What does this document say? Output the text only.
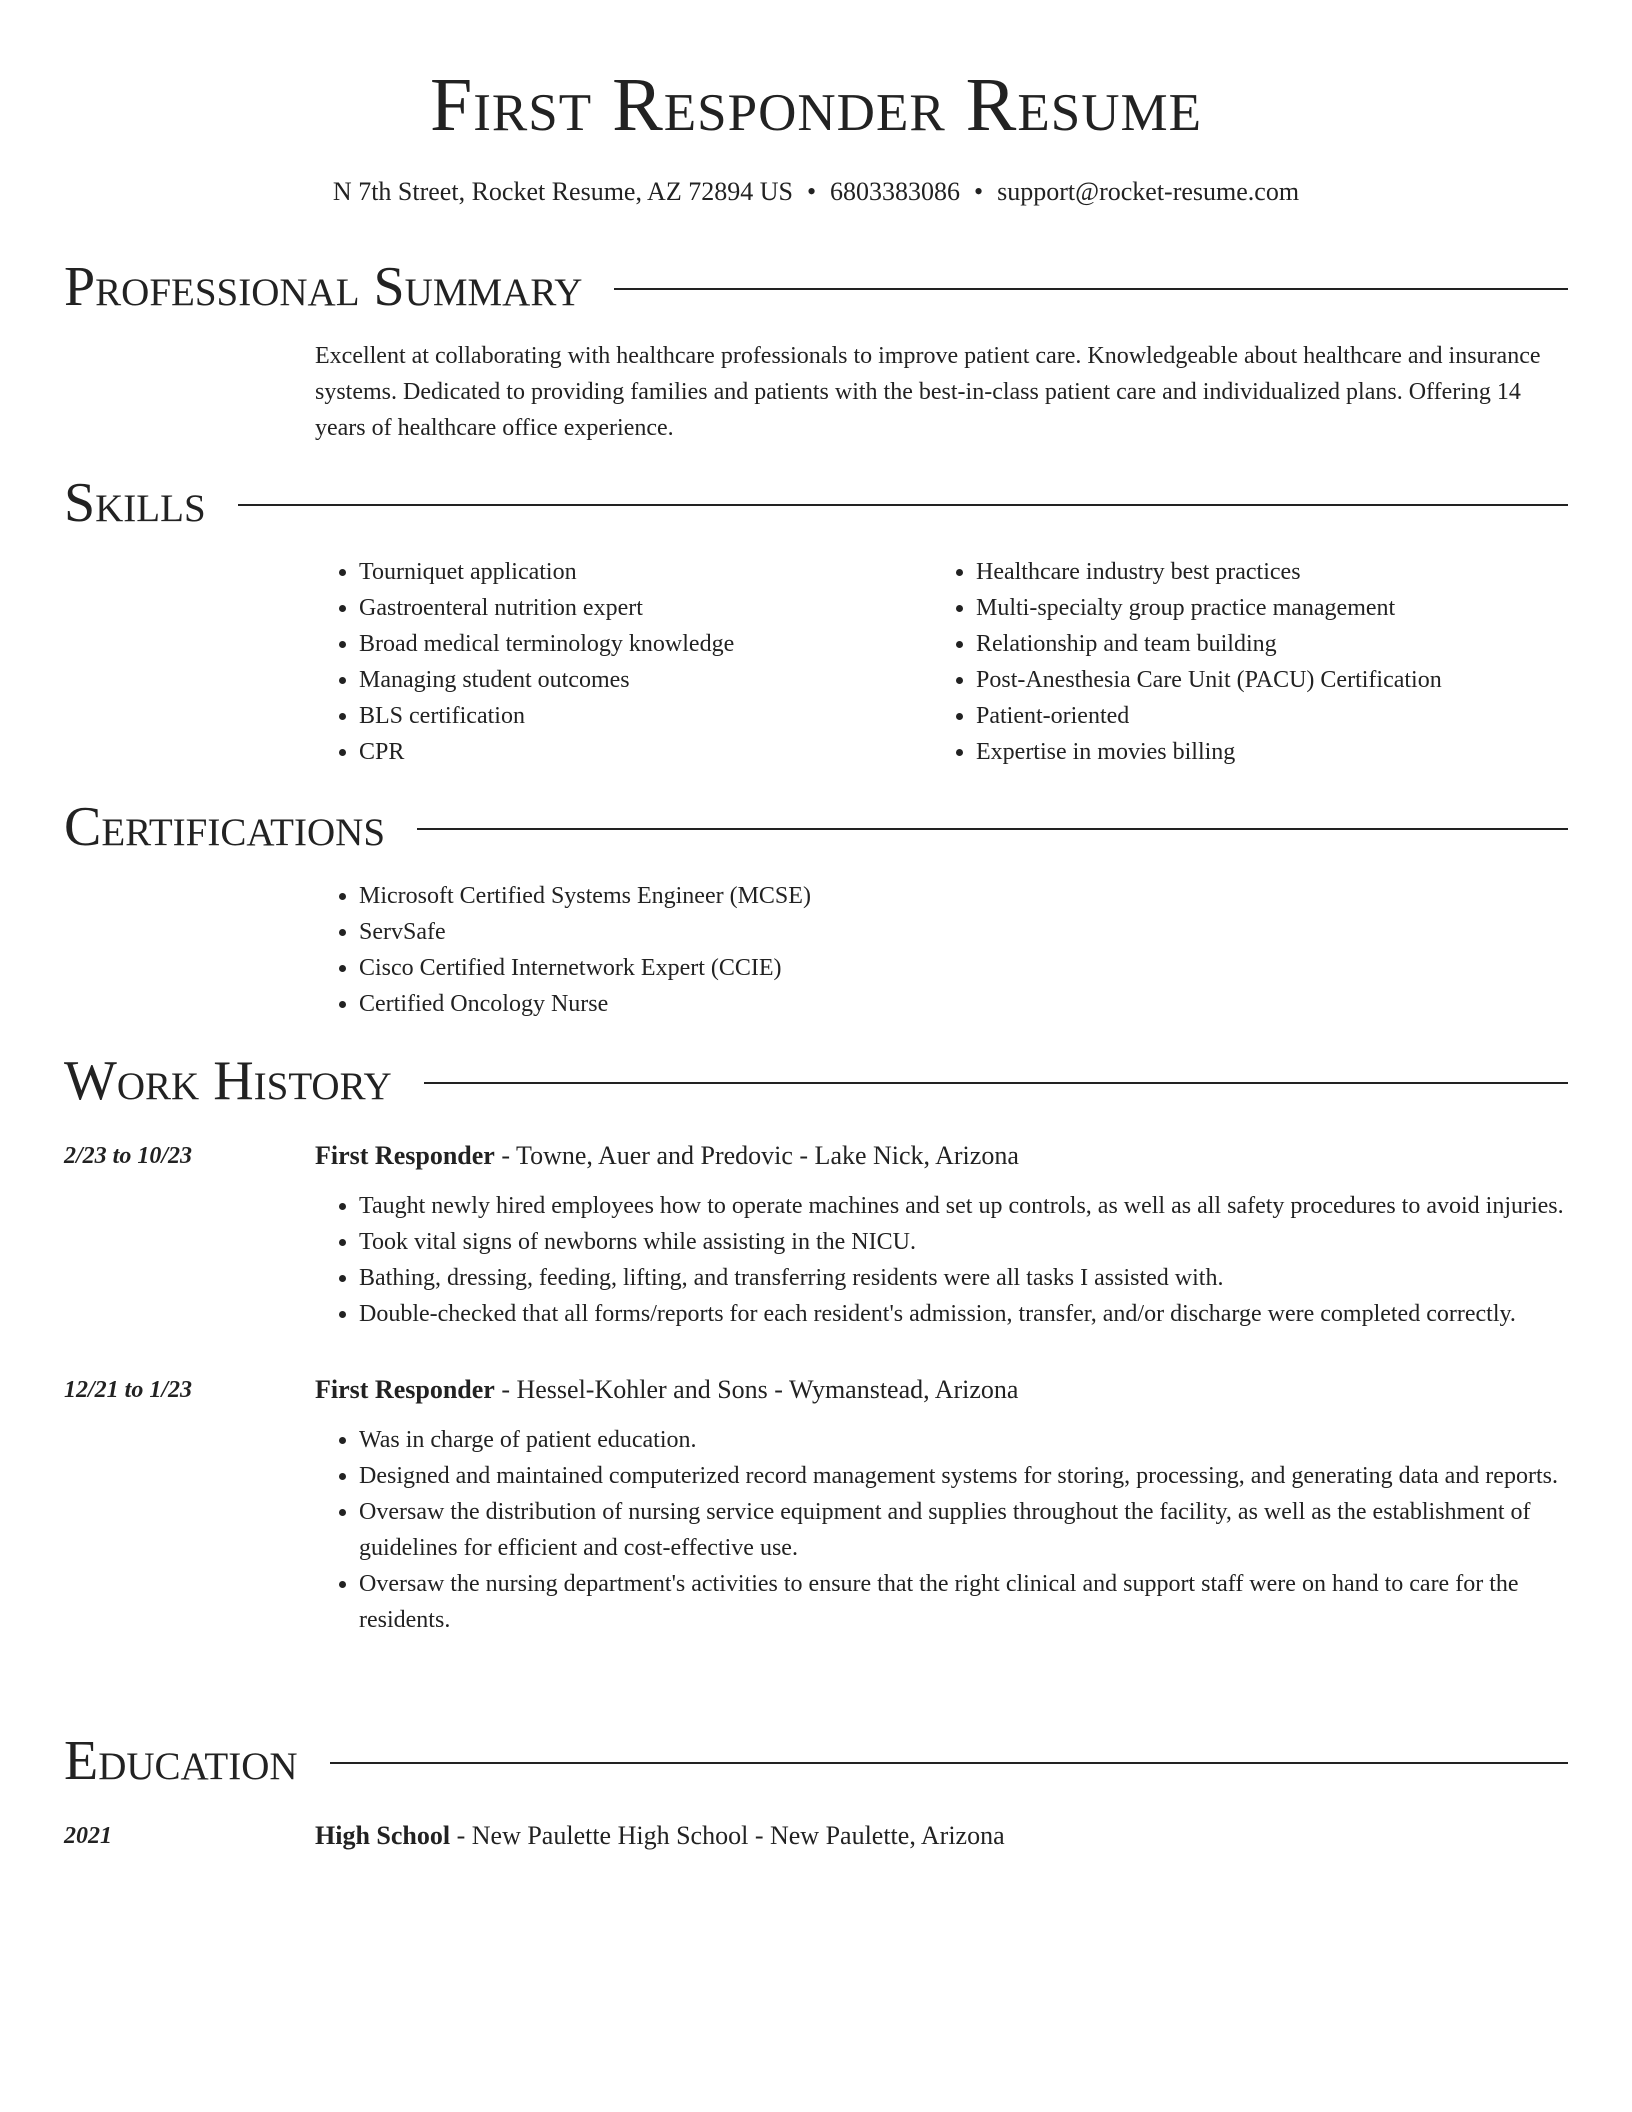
First Responder Resume
N 7th Street, Rocket Resume, AZ 72894 US • 6803383086 • support@rocket-resume.com
Professional Summary

Excellent at collaborating with healthcare professionals to improve patient care. Knowledgeable about healthcare and insurance systems. Dedicated to providing families and patients with the best-in-class patient care and individualized plans. Offering 14 years of healthcare office experience.

Skills
• Tourniquet application
• Gastroenteral nutrition expert
• Broad medical terminology knowledge
• Managing student outcomes
• BLS certification
• CPR
• Healthcare industry best practices
• Multi-specialty group practice management
• Relationship and team building
• Post-Anesthesia Care Unit (PACU) Certification
• Patient-oriented
• Expertise in movies billing
Certifications
• Microsoft Certified Systems Engineer (MCSE)
• ServSafe
• Cisco Certified Internetwork Expert (CCIE)
• Certified Oncology Nurse
Work History
2/23 to 10/23	First Responder - Towne, Auer and Predovic - Lake Nick, Arizona
• Taught newly hired employees how to operate machines and set up controls, as well as all safety procedures to avoid injuries.
• Took vital signs of newborns while assisting in the NICU.
• Bathing, dressing, feeding, lifting, and transferring residents were all tasks I assisted with.
• Double-checked that all forms/reports for each resident's admission, transfer, and/or discharge were completed correctly.
12/21 to 1/23	First Responder - Hessel-Kohler and Sons - Wymanstead, Arizona
• Was in charge of patient education.
• Designed and maintained computerized record management systems for storing, processing, and generating data and reports.
• Oversaw the distribution of nursing service equipment and supplies throughout the facility, as well as the establishment of guidelines for efficient and cost-effective use.
• Oversaw the nursing department's activities to ensure that the right clinical and support staff were on hand to care for the residents.
Education
2021	High School - New Paulette High School - New Paulette, Arizona
